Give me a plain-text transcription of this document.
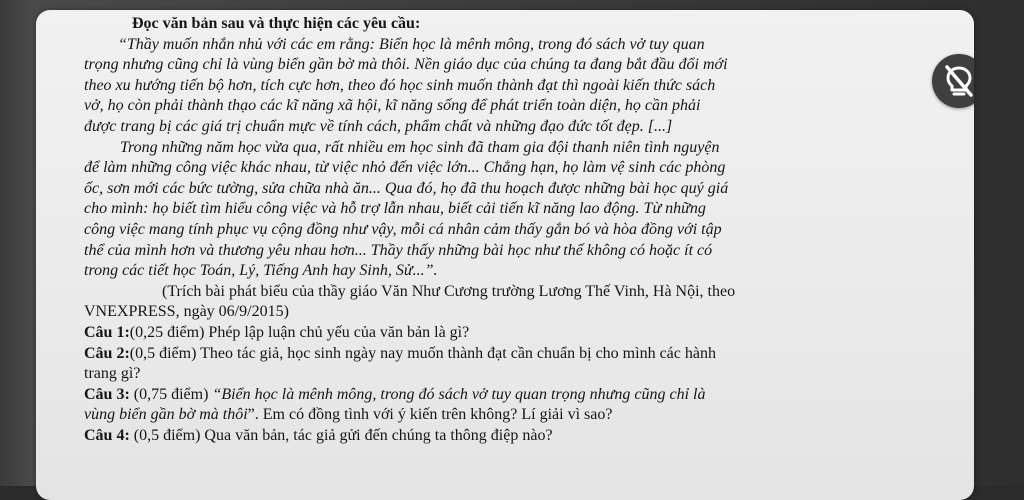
Đọc văn bản sau và thực hiện các yêu cầu:
“Thầy muốn nhắn nhủ với các em rằng: Biển học là mênh mông, trong đó sách vở tuy quan
trọng nhưng cũng chỉ là vùng biển gần bờ mà thôi. Nền giáo dục của chúng ta đang bắt đầu đổi mới
theo xu hướng tiến bộ hơn, tích cực hơn, theo đó học sinh muốn thành đạt thì ngoài kiến thức sách
vở, họ còn phải thành thạo các kĩ năng xã hội, kĩ năng sống để phát triển toàn diện, họ cần phải
được trang bị các giá trị chuẩn mực về tính cách, phẩm chất và những đạo đức tốt đẹp. [...]
Trong những năm học vừa qua, rất nhiều em học sinh đã tham gia đội thanh niên tình nguyện
để làm những công việc khác nhau, từ việc nhỏ đến việc lớn... Chẳng hạn, họ làm vệ sinh các phòng
ốc, sơn mới các bức tường, sửa chữa nhà ăn... Qua đó, họ đã thu hoạch được những bài học quý giá
cho mình: họ biết tìm hiểu công việc và hỗ trợ lẫn nhau, biết cải tiến kĩ năng lao động. Từ những
công việc mang tính phục vụ cộng đồng như vậy, mỗi cá nhân cảm thấy gắn bó và hòa đồng với tập
thể của mình hơn và thương yêu nhau hơn... Thầy thấy những bài học như thế không có hoặc ít có
trong các tiết học Toán, Lý, Tiếng Anh hay Sinh, Sử...”.
(Trích bài phát biểu của thầy giáo Văn Như Cương trường Lương Thế Vinh, Hà Nội, theo
VNEXPRESS, ngày 06/9/2015)
Câu 1:(0,25 điểm) Phép lập luận chủ yếu của văn bản là gì?
Câu 2:(0,5 điểm) Theo tác giả, học sinh ngày nay muốn thành đạt cần chuẩn bị cho mình các hành
trang gì?
Câu 3: (0,75 điểm) “Biển học là mênh mông, trong đó sách vở tuy quan trọng nhưng cũng chỉ là
vùng biển gần bờ mà thôi”. Em có đồng tình với ý kiến trên không? Lí giải vì sao?
Câu 4: (0,5 điểm) Qua văn bản, tác giả gửi đến chúng ta thông điệp nào?
